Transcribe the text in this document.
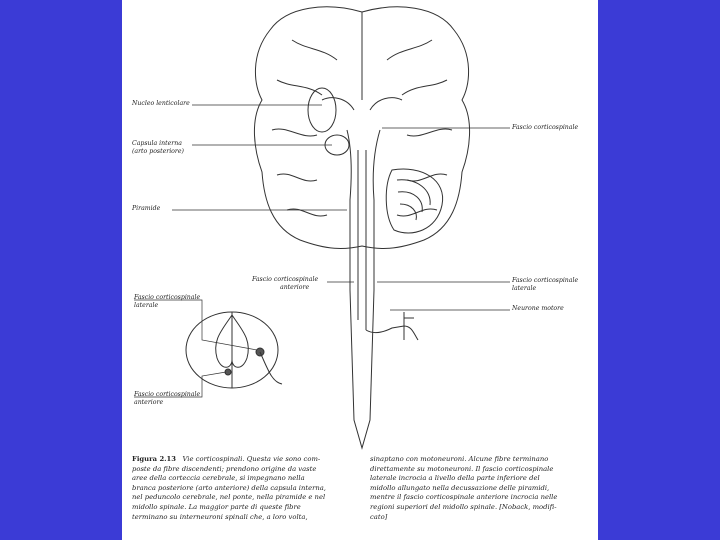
Nucleo lenticolare
Capsula interna
(arto posteriore)
Piramide
Fascio corticospinale
Fascio corticospinale
anteriore
Fascio corticospinale
laterale
Neurone motore
Fascio corticospinale
laterale
Fascio corticospinale
anteriore
Figura 2.13 Vie corticospinali. Questa vie sono com-
poste da fibre discendenti; prendono origine da vaste
aree della corteccia cerebrale, si impegnano nella
branca posteriore (arto anteriore) della capsula interna,
nel peduncolo cerebrale, nel ponte, nella piramide e nel
midollo spinale. La maggior parte di queste fibre
terminano su interneuroni spinali che, a loro volta,
sinaptano con motoneuroni. Alcune fibre terminano
direttamente su motoneuroni. Il fascio corticospinale
laterale incrocia a livello della parte inferiore del
midollo allungato nella decussazione delle piramidi,
mentre il fascio corticospinale anteriore incrocia nelle
regioni superiori del midollo spinale. [Noback, modifi-
cato]
